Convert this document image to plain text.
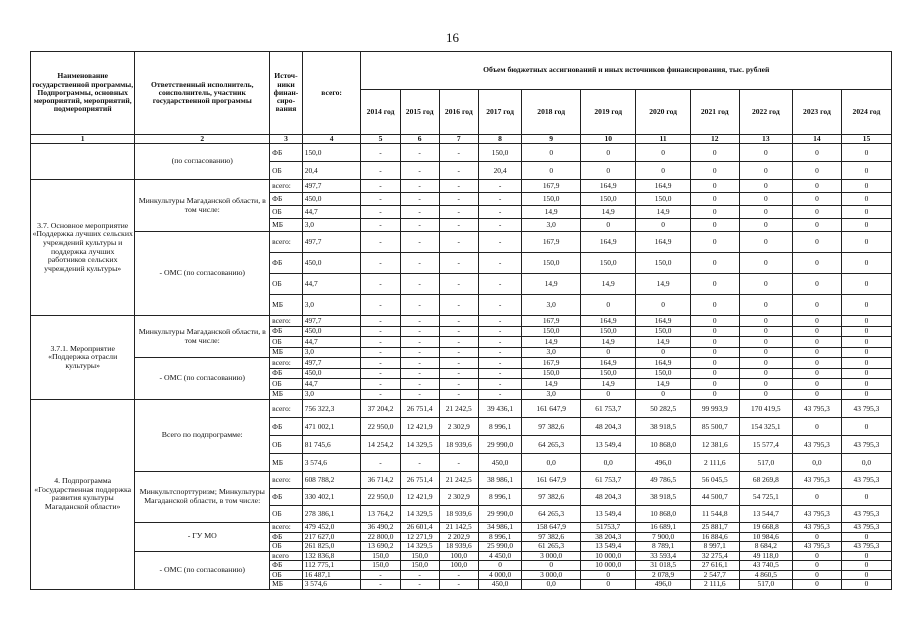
16
Наименование государственной программы, Подпрограммы, основных мероприятий, мероприятий, подмероприятий	Ответственный исполнитель, соисполнитель, участник государственной программы	Источ-ники финан-сиро-вания	всего:	Объем бюджетных ассигнований и иных источников финансирования, тыс. рублей										
				2014 год	2015 год	2016 год	2017 год	2018 год	2019 год	2020 год	2021 год	2022 год	2023 год	2024 год
1	2	3	4	5	6	7	8	9	10	11	12	13	14	15
	(по согласованию)	ФБ	150,0	-	-	-	150,0	0	0	0	0	0	0	0
		ОБ	20,4	-	-	-	20,4	0	0	0	0	0	0	0
3.7. Основное мероприятие «Поддержка лучших сельских учреждений культуры и поддержка лучших работников сельских учреждений культуры»	Минкультуры Магаданской области, в том числе:	всего:	497,7	-	-	-	-	167,9	164,9	164,9	0	0	0	0
		ФБ	450,0	-	-	-	-	150,0	150,0	150,0	0	0	0	0
		ОБ	44,7	-	-	-	-	14,9	14,9	14,9	0	0	0	0
		МБ	3,0	-	-	-	-	3,0	0	0	0	0	0	0
	- ОМС (по согласованию)	всего:	497,7	-	-	-	-	167,9	164,9	164,9	0	0	0	0
		ФБ	450,0	-	-	-	-	150,0	150,0	150,0	0	0	0	0
		ОБ	44,7	-	-	-	-	14,9	14,9	14,9	0	0	0	0
		МБ	3,0	-	-	-	-	3,0	0	0	0	0	0	0
3.7.1. Мероприятие «Поддержка отрасли культуры»	Минкультуры Магаданской области, в том числе:	всего:	497,7	-	-	-	-	167,9	164,9	164,9	0	0	0	0
		ФБ	450,0	-	-	-	-	150,0	150,0	150,0	0	0	0	0
		ОБ	44,7	-	-	-	-	14,9	14,9	14,9	0	0	0	0
		МБ	3,0	-	-	-	-	3,0	0	0	0	0	0	0
	- ОМС (по согласованию)	всего:	497,7	-	-	-	-	167,9	164,9	164,9	0	0	0	0
		ФБ	450,0	-	-	-	-	150,0	150,0	150,0	0	0	0	0
		ОБ	44,7	-	-	-	-	14,9	14,9	14,9	0	0	0	0
		МБ	3,0	-	-	-	-	3,0	0	0	0	0	0	0
4. Подпрограмма «Государственная поддержка развития культуры Магаданской области»	Всего по подпрограмме:	всего:	756 322,3	37 204,2	26 751,4	21 242,5	39 436,1	161 647,9	61 753,7	50 282,5	99 993,9	170 419,5	43 795,3	43 795,3
		ФБ	471 002,1	22 950,0	12 421,9	2 302,9	8 996,1	97 382,6	48 204,3	38 918,5	85 500,7	154 325,1	0	0
		ОБ	81 745,6	14 254,2	14 329,5	18 939,6	29 990,0	64 265,3	13 549,4	10 868,0	12 381,6	15 577,4	43 795,3	43 795,3
		МБ	3 574,6	-	-	-	450,0	0,0	0,0	496,0	2 111,6	517,0	0,0	0,0
	Минкультспорттуризм; Минкультуры Магаданской области, в том числе:	всего:	608 788,2	36 714,2	26 751,4	21 242,5	38 986,1	161 647,9	61 753,7	49 786,5	56 045,5	68 269,8	43 795,3	43 795,3
		ФБ	330 402,1	22 950,0	12 421,9	2 302,9	8 996,1	97 382,6	48 204,3	38 918,5	44 500,7	54 725,1	0	0
		ОБ	278 386,1	13 764,2	14 329,5	18 939,6	29 990,0	64 265,3	13 549,4	10 868,0	11 544,8	13 544,7	43 795,3	43 795,3
	- ГУ МО	всего:	479 452,0	36 490,2	26 601,4	21 142,5	34 986,1	158 647,9	51753,7	16 689,1	25 881,7	19 668,8	43 795,3	43 795,3
		ФБ	217 627,0	22 800,0	12 271,9	2 202,9	8 996,1	97 382,6	38 204,3	7 900,0	16 884,6	10 984,6	0	0
		ОБ	261 825,0	13 690,2	14 329,5	18 939,6	25 990,0	61 265,3	13 549,4	8 789,1	8 997,1	8 684,2	43 795,3	43 795,3
	- ОМС (по согласованию)	всего	132 836,8	150,0	150,0	100,0	4 450,0	3 000,0	10 000,0	33 593,4	32 275,4	49 118,0	0	0
		ФБ	112 775,1	150,0	150,0	100,0	0	0	10 000,0	31 018,5	27 616,1	43 740,5	0	0
		ОБ	16 487,1	-	-	-	4 000,0	3 000,0	0	2 078,9	2 547,7	4 860,5	0	0
		МБ	3 574,6	-	-	-	450,0	0,0	0	496,0	2 111,6	517,0	0	0
